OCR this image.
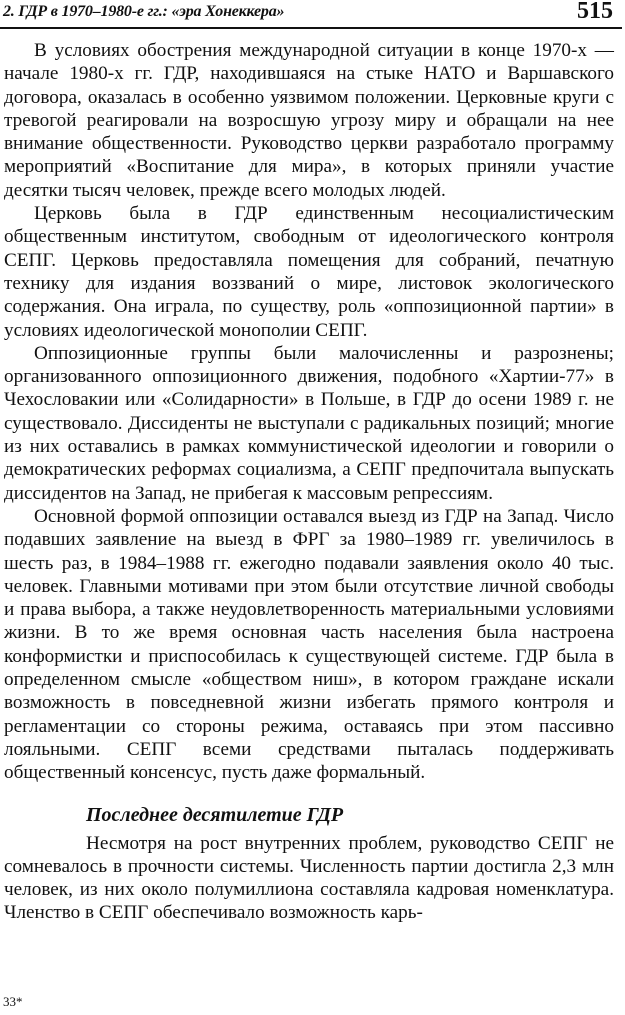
2. ГДР в 1970–1980-е гг.: «эра Хонеккера»	515

В условиях обострения международной ситуации в конце 1970-х — начале 1980-х гг. ГДР, находившаяся на стыке НАТО и Варшавского договора, оказалась в особенно уязвимом положении. Церковные круги с тревогой реагировали на возросшую угрозу миру и обращали на нее внимание общественности. Руководство церкви разработало программу мероприятий «Воспитание для мира», в которых приняли участие десятки тысяч человек, прежде всего молодых людей.

Церковь была в ГДР единственным несоциалистическим общественным институтом, свободным от идеологического контроля СЕПГ. Церковь предоставляла помещения для собраний, печатную технику для издания воззваний о мире, листовок экологического содержания. Она играла, по существу, роль «оппозиционной партии» в условиях идеологической монополии СЕПГ.

Оппозиционные группы были малочисленны и разрознены; организованного оппозиционного движения, подобного «Хартии-77» в Чехословакии или «Солидарности» в Польше, в ГДР до осени 1989 г. не существовало. Диссиденты не выступали с радикальных позиций; многие из них оставались в рамках коммунистической идеологии и говорили о демократических реформах социализма, а СЕПГ предпочитала выпускать диссидентов на Запад, не прибегая к массовым репрессиям.

Основной формой оппозиции оставался выезд из ГДР на Запад. Число подавших заявление на выезд в ФРГ за 1980–1989 гг. увеличилось в шесть раз, в 1984–1988 гг. ежегодно подавали заявления около 40 тыс. человек. Главными мотивами при этом были отсутствие личной свободы и права выбора, а также неудовлетворенность материальными условиями жизни. В то же время основная часть населения была настроена конформистки и приспособилась к существующей системе. ГДР была в определенном смысле «обществом ниш», в котором граждане искали возможность в повседневной жизни избегать прямого контроля и регламентации со стороны режима, оставаясь при этом пассивно лояльными. СЕПГ всеми средствами пыталась поддерживать общественный консенсус, пусть даже формальный.

Последнее десятилетие ГДР

Несмотря на рост внутренних проблем, руководство СЕПГ не сомневалось в прочности системы. Численность партии достигла 2,3 млн человек, из них около полумиллиона составляла кадровая номенклатура. Членство в СЕПГ обеспечивало возможность карь-

33*
